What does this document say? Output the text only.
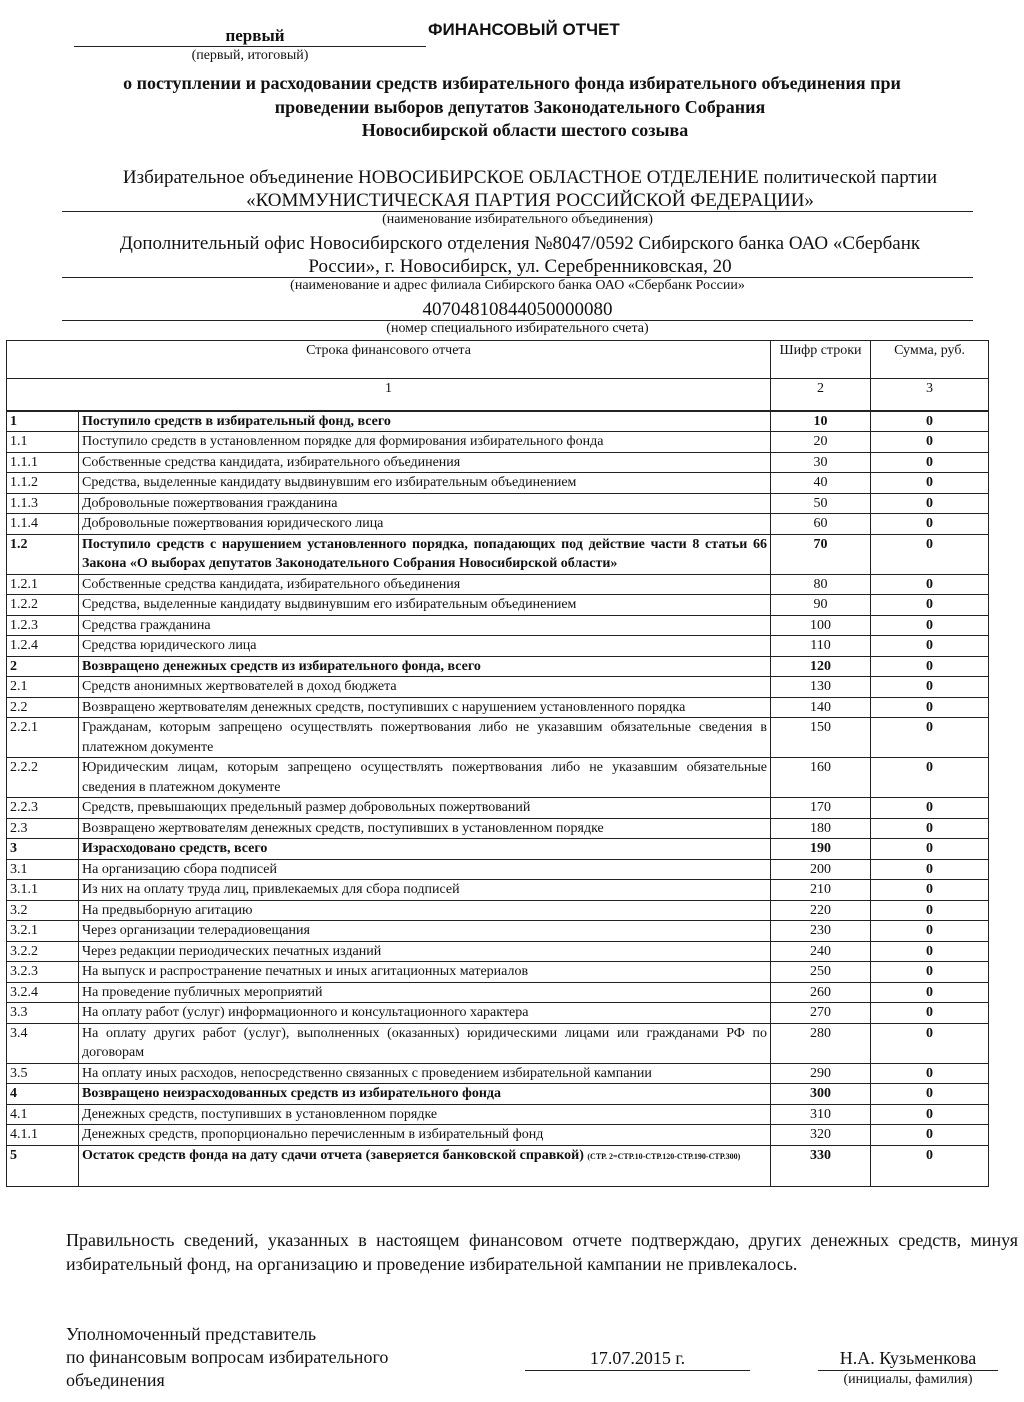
первый
(первый, итоговый)
ФИНАНСОВЫЙ ОТЧЕТ
о поступлении и расходовании средств избирательного фонда избирательного объединения при
проведении выборов депутатов Законодательного Собрания
Новосибирской области шестого созыва
Избирательное объединение НОВОСИБИРСКОЕ ОБЛАСТНОЕ ОТДЕЛЕНИЕ политической партии
«КОММУНИСТИЧЕСКАЯ ПАРТИЯ РОССИЙСКОЙ ФЕДЕРАЦИИ»
(наименование избирательного объединения)
Дополнительный офис Новосибирского отделения №8047/0592 Сибирского банка ОАО «Сбербанк
России», г. Новосибирск, ул. Серебренниковская, 20
(наименование и адрес филиала Сибирского банка ОАО «Сбербанк России»
40704810844050000080
(номер специального избирательного счета)
Строка финансового отчета		Шифр строки	Сумма, руб.
1		2	3
1	Поступило средств в избирательный фонд, всего	10	0
1.1	Поступило средств в установленном порядке для формирования избирательного фонда	20	0
1.1.1	Собственные средства кандидата, избирательного объединения	30	0
1.1.2	Средства, выделенные кандидату выдвинувшим его избирательным объединением	40	0
1.1.3	Добровольные пожертвования гражданина	50	0
1.1.4	Добровольные пожертвования юридического лица	60	0
1.2	Поступило средств с нарушением установленного порядка, попадающих под действие части 8 статьи 66 Закона «О выборах депутатов Законодательного Собрания Новосибирской области»	70	0
1.2.1	Собственные средства кандидата, избирательного объединения	80	0
1.2.2	Средства, выделенные кандидату выдвинувшим его избирательным объединением	90	0
1.2.3	Средства гражданина	100	0
1.2.4	Средства юридического лица	110	0
2	Возвращено денежных средств из избирательного фонда, всего	120	0
2.1	Средств анонимных жертвователей в доход бюджета	130	0
2.2	Возвращено жертвователям денежных средств, поступивших с нарушением установленного порядка	140	0
2.2.1	Гражданам, которым запрещено осуществлять пожертвования либо не указавшим обязательные сведения в платежном документе	150	0
2.2.2	Юридическим лицам, которым запрещено осуществлять пожертвования либо не указавшим обязательные сведения в платежном документе	160	0
2.2.3	Средств, превышающих предельный размер добровольных пожертвований	170	0
2.3	Возвращено жертвователям денежных средств, поступивших в установленном порядке	180	0
3	Израсходовано средств, всего	190	0
3.1	На организацию сбора подписей	200	0
3.1.1	Из них на оплату труда лиц, привлекаемых для сбора подписей	210	0
3.2	На предвыборную агитацию	220	0
3.2.1	Через организации телерадиовещания	230	0
3.2.2	Через редакции периодических печатных изданий	240	0
3.2.3	На выпуск и распространение печатных и иных агитационных материалов	250	0
3.2.4	На проведение публичных мероприятий	260	0
3.3	На оплату работ (услуг) информационного и консультационного характера	270	0
3.4	На оплату других работ (услуг), выполненных (оказанных) юридическими лицами или гражданами РФ по договорам	280	0
3.5	На оплату иных расходов, непосредственно связанных с проведением избирательной кампании	290	0
4	Возвращено неизрасходованных средств из избирательного фонда	300	0
4.1	Денежных средств, поступивших в установленном порядке	310	0
4.1.1	Денежных средств, пропорционально перечисленным в избирательный фонд	320	0
5	Остаток средств фонда на дату сдачи отчета (заверяется банковской справкой) (СТР. 2=СТР.10-СТР.120-СТР.190-СТР.300)	330	0
Правильность сведений, указанных в настоящем финансовом отчете подтверждаю, других денежных средств, минуя избирательный фонд, на организацию и проведение избирательной кампании не привлекалось.
Уполномоченный представитель
по финансовым вопросам избирательного
объединения
17.07.2015 г.	Н.А. Кузьменкова
(инициалы, фамилия)
